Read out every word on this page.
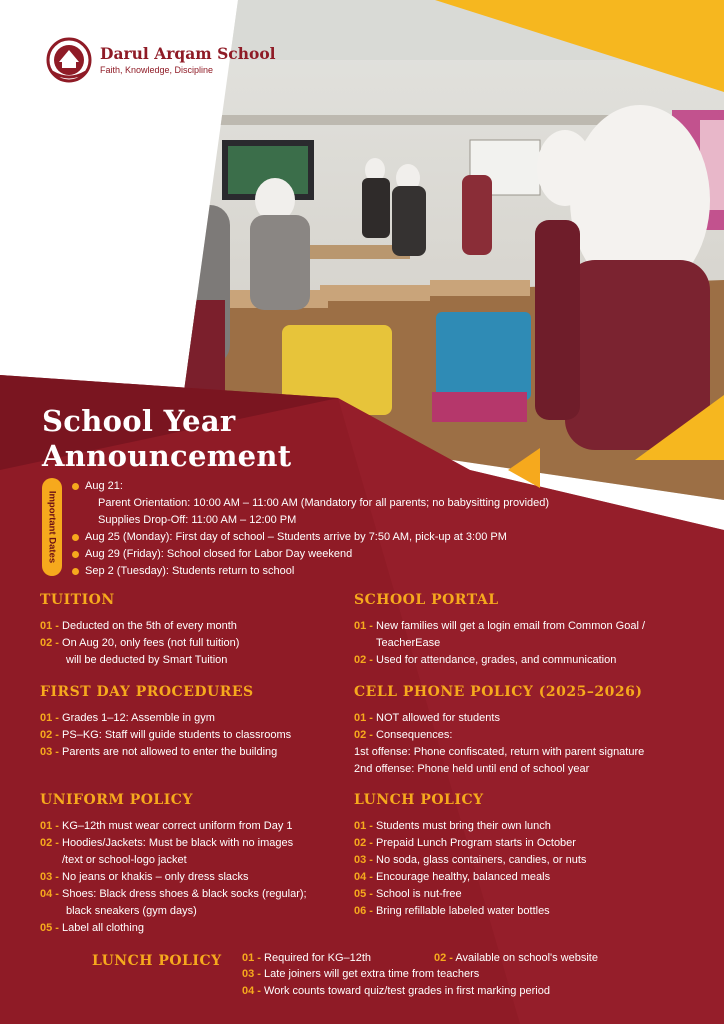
Darul Arqam School
Faith, Knowledge, Discipline
School Year
Announcement
Important Dates
Aug 21:
Parent Orientation: 10:00 AM – 11:00 AM (Mandatory for all parents; no babysitting provided)
Supplies Drop-Off: 11:00 AM – 12:00 PM
Aug 25 (Monday): First day of school – Students arrive by 7:50 AM, pick-up at 3:00 PM
Aug 29 (Friday): School closed for Labor Day weekend
Sep 2 (Tuesday): Students return to school
TUITION
01 - Deducted on the 5th of every month
02 - On Aug 20, only fees (not full tuition)
will be deducted by Smart Tuition
SCHOOL PORTAL
01 - New families will get a login email from Common Goal /
TeacherEase
02 - Used for attendance, grades, and communication
FIRST DAY PROCEDURES
01 - Grades 1–12: Assemble in gym
02 - PS–KG: Staff will guide students to classrooms
03 - Parents are not allowed to enter the building
CELL PHONE POLICY (2025–2026)
01 - NOT allowed for students
02 - Consequences:
1st offense: Phone confiscated, return with parent signature
2nd offense: Phone held until end of school year
UNIFORM POLICY
01 - KG–12th must wear correct uniform from Day 1
02 - Hoodies/Jackets: Must be black with no images
/text or school-logo jacket
03 - No jeans or khakis – only dress slacks
04 - Shoes: Black dress shoes & black socks (regular);
black sneakers (gym days)
05 - Label all clothing
LUNCH POLICY
01 - Students must bring their own lunch
02 - Prepaid Lunch Program starts in October
03 - No soda, glass containers, candies, or nuts
04 - Encourage healthy, balanced meals
05 - School is nut-free
06 - Bring refillable labeled water bottles
LUNCH POLICY 01 - Required for KG–12th	02 - Available on school's website
03 - Late joiners will get extra time from teachers
04 - Work counts toward quiz/test grades in first marking period
